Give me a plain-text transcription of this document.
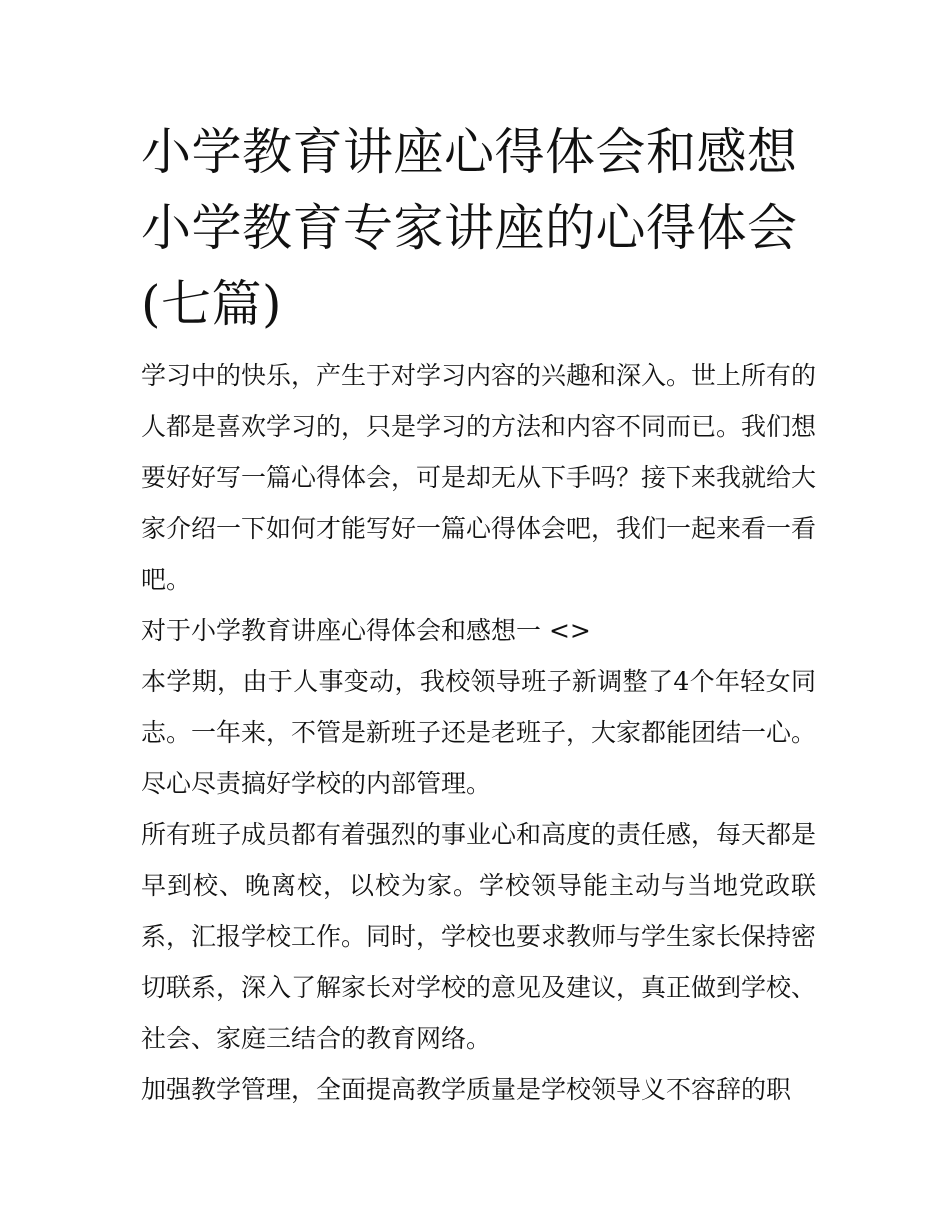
小学教育讲座心得体会和感想小学教育专家讲座的心得体会(七篇)

学习中的快乐，产生于对学习内容的兴趣和深入。世上所有的人都是喜欢学习的，只是学习的方法和内容不同而已。我们想要好好写一篇心得体会，可是却无从下手吗？接下来我就给大家介绍一下如何才能写好一篇心得体会吧，我们一起来看一看吧。

对于小学教育讲座心得体会和感想一 <>

本学期，由于人事变动，我校领导班子新调整了4个年轻女同志。一年来，不管是新班子还是老班子，大家都能团结一心。尽心尽责搞好学校的内部管理。

所有班子成员都有着强烈的事业心和高度的责任感，每天都是早到校、晚离校，以校为家。学校领导能主动与当地党政联系，汇报学校工作。同时，学校也要求教师与学生家长保持密切联系，深入了解家长对学校的意见及建议，真正做到学校、社会、家庭三结合的教育网络。

加强教学管理，全面提高教学质量是学校领导义不容辞的职
